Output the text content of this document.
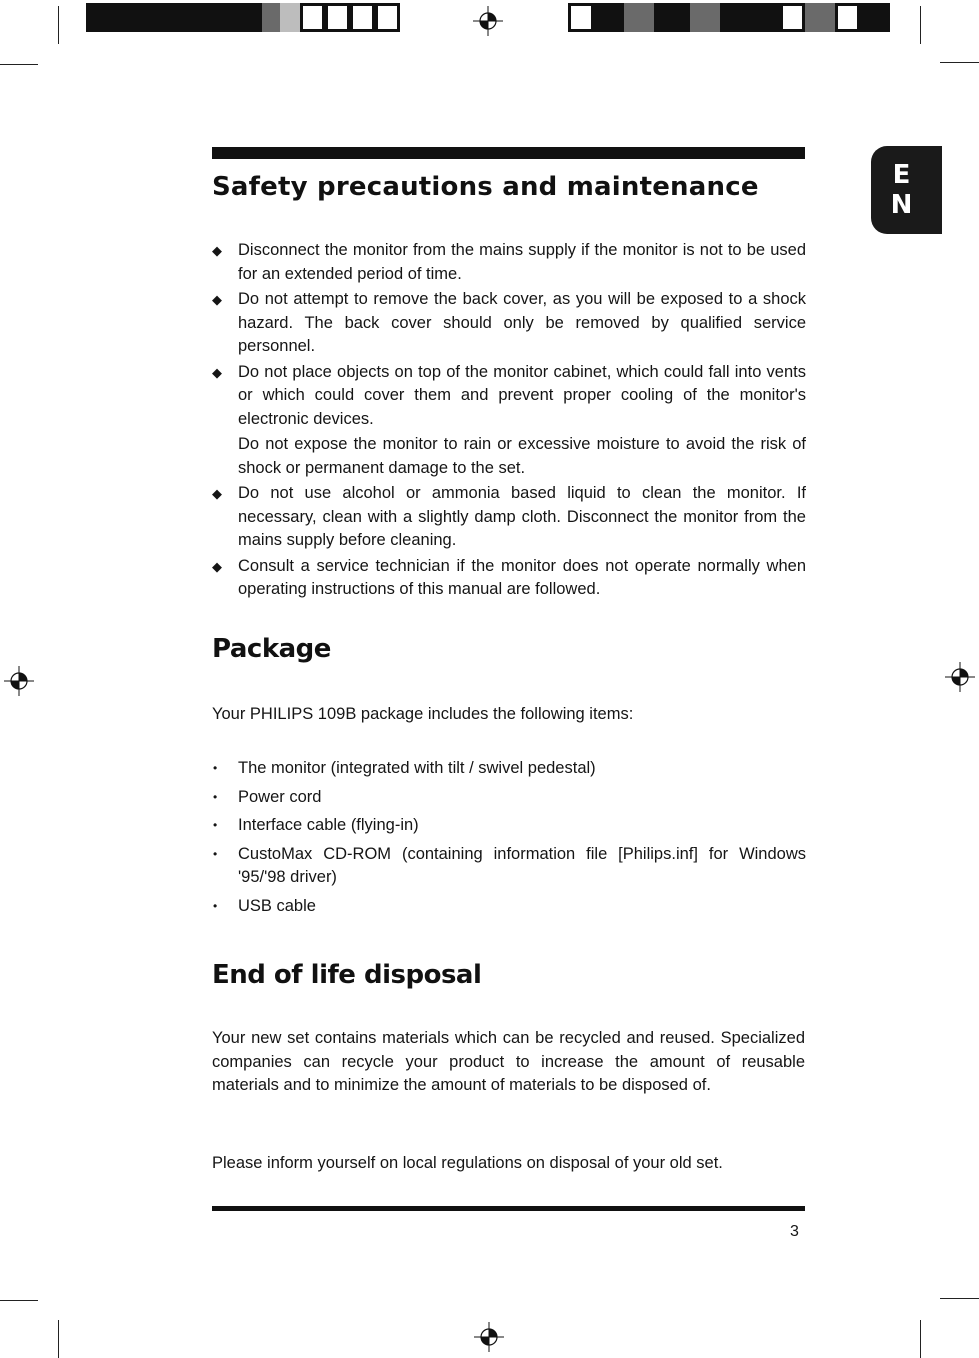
E
N
Safety precautions and maintenance
◆ Disconnect the monitor from the mains supply if the monitor is not to be used for an extended period of time.
◆ Do not attempt to remove the back cover, as you will be exposed to a shock hazard. The back cover should only be removed by qualified service personnel.
◆ Do not place objects on top of the monitor cabinet, which could fall into vents or which could cover them and prevent proper cooling of the monitor's electronic devices.
Do not expose the monitor to rain or excessive moisture to avoid the risk of shock or permanent damage to the set.
◆ Do not use alcohol or ammonia based liquid to clean the monitor. If necessary, clean with a slightly damp cloth. Disconnect the monitor from the mains supply before cleaning.
◆ Consult a service technician if the monitor does not operate normally when operating instructions of this manual are followed.
Package

Your PHILIPS 109B package includes the following items:

• The monitor (integrated with tilt / swivel pedestal)
• Power cord
• Interface cable (flying-in)
• CustoMax CD-ROM (containing information file [Philips.inf] for Windows '95/'98 driver)
• USB cable
End of life disposal

Your new set contains materials which can be recycled and reused. Specialized companies can recycle your product to increase the amount of reusable materials and to minimize the amount of materials to be disposed of.

Please inform yourself on local regulations on disposal of your old set.

3
